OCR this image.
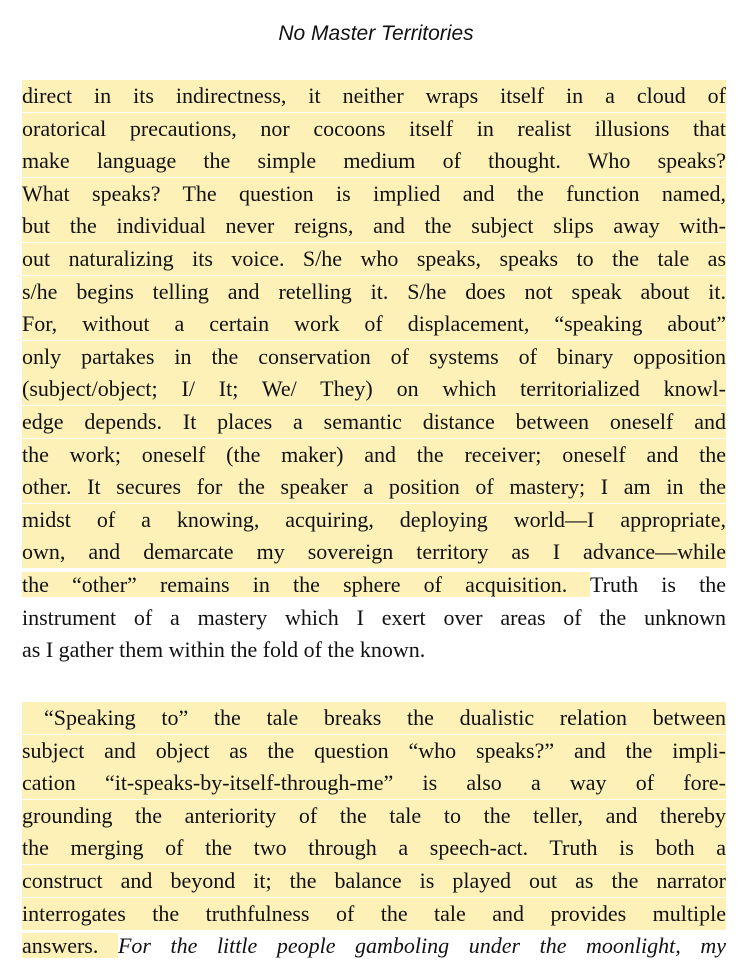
No Master Territories
direct in its indirectness, it neither wraps itself in a cloud of
oratorical precautions, nor cocoons itself in realist illusions that
make language the simple medium of thought. Who speaks?
What speaks? The question is implied and the function named,
but the individual never reigns, and the subject slips away with-
out naturalizing its voice. S/he who speaks, speaks to the tale as
s/he begins telling and retelling it. S/he does not speak about it.
For, without a certain work of displacement, “speaking about”
only partakes in the conservation of systems of binary opposition
(subject/object; I/ It; We/ They) on which territorialized knowl-
edge depends. It places a semantic distance between oneself and
the work; oneself (the maker) and the receiver; oneself and the
other. It secures for the speaker a position of mastery; I am in the
midst of a knowing, acquiring, deploying world—I appropriate,
own, and demarcate my sovereign territory as I advance—while
the “other” remains in the sphere of acquisition. Truth is the
instrument of a mastery which I exert over areas of the unknown
as I gather them within the fold of the known.
“Speaking to” the tale breaks the dualistic relation between
subject and object as the question “who speaks?” and the impli-
cation “it-speaks-by-itself-through-me” is also a way of fore-
grounding the anteriority of the tale to the teller, and thereby
the merging of the two through a speech-act. Truth is both a
construct and beyond it; the balance is played out as the narrator
interrogates the truthfulness of the tale and provides multiple
answers. For the little people gamboling under the moonlight, my
